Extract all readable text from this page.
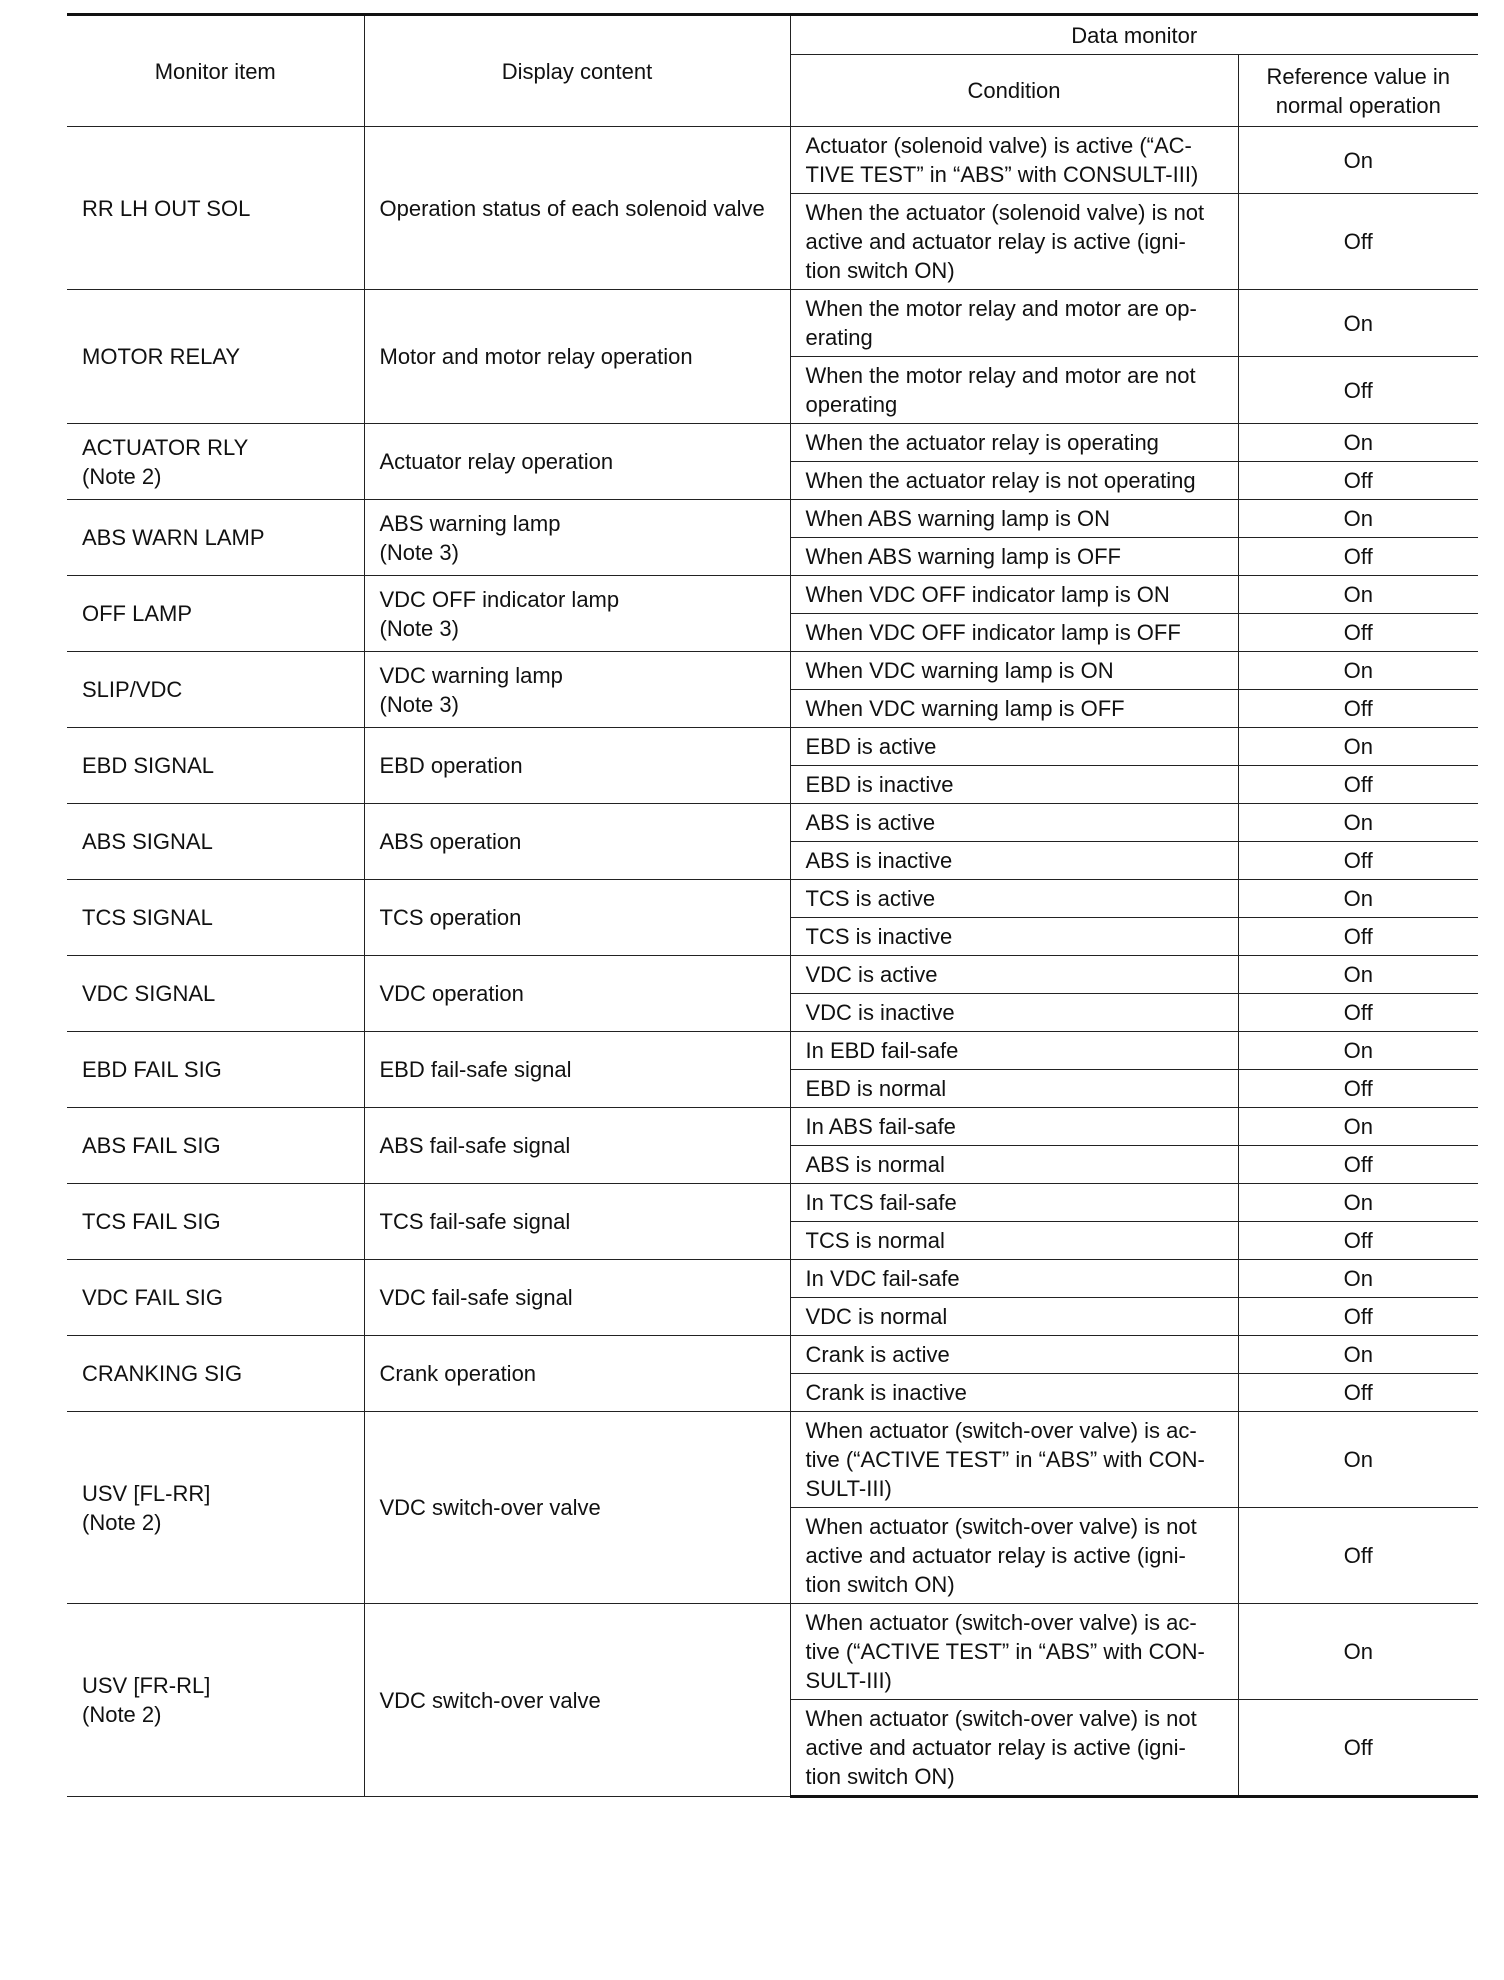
Monitor item	Display content	Data monitor	
		Condition	Reference value in
normal operation
RR LH OUT SOL	Operation status of each solenoid valve	Actuator (solenoid valve) is active (“AC-
TIVE TEST” in “ABS” with CONSULT-III)	On
		When the actuator (solenoid valve) is not
active and actuator relay is active (igni-
tion switch ON)	Off
MOTOR RELAY	Motor and motor relay operation	When the motor relay and motor are op-
erating	On
		When the motor relay and motor are not
operating	Off
ACTUATOR RLY
(Note 2)	Actuator relay operation	When the actuator relay is operating	On
		When the actuator relay is not operating	Off
ABS WARN LAMP	ABS warning lamp
(Note 3)	When ABS warning lamp is ON	On
		When ABS warning lamp is OFF	Off
OFF LAMP	VDC OFF indicator lamp
(Note 3)	When VDC OFF indicator lamp is ON	On
		When VDC OFF indicator lamp is OFF	Off
SLIP/VDC	VDC warning lamp
(Note 3)	When VDC warning lamp is ON	On
		When VDC warning lamp is OFF	Off
EBD SIGNAL	EBD operation	EBD is active	On
		EBD is inactive	Off
ABS SIGNAL	ABS operation	ABS is active	On
		ABS is inactive	Off
TCS SIGNAL	TCS operation	TCS is active	On
		TCS is inactive	Off
VDC SIGNAL	VDC operation	VDC is active	On
		VDC is inactive	Off
EBD FAIL SIG	EBD fail-safe signal	In EBD fail-safe	On
		EBD is normal	Off
ABS FAIL SIG	ABS fail-safe signal	In ABS fail-safe	On
		ABS is normal	Off
TCS FAIL SIG	TCS fail-safe signal	In TCS fail-safe	On
		TCS is normal	Off
VDC FAIL SIG	VDC fail-safe signal	In VDC fail-safe	On
		VDC is normal	Off
CRANKING SIG	Crank operation	Crank is active	On
		Crank is inactive	Off
USV [FL-RR]
(Note 2)	VDC switch-over valve	When actuator (switch-over valve) is ac-
tive (“ACTIVE TEST” in “ABS” with CON-
SULT-III)	On
		When actuator (switch-over valve) is not
active and actuator relay is active (igni-
tion switch ON)	Off
USV [FR-RL]
(Note 2)	VDC switch-over valve	When actuator (switch-over valve) is ac-
tive (“ACTIVE TEST” in “ABS” with CON-
SULT-III)	On
		When actuator (switch-over valve) is not
active and actuator relay is active (igni-
tion switch ON)	Off
